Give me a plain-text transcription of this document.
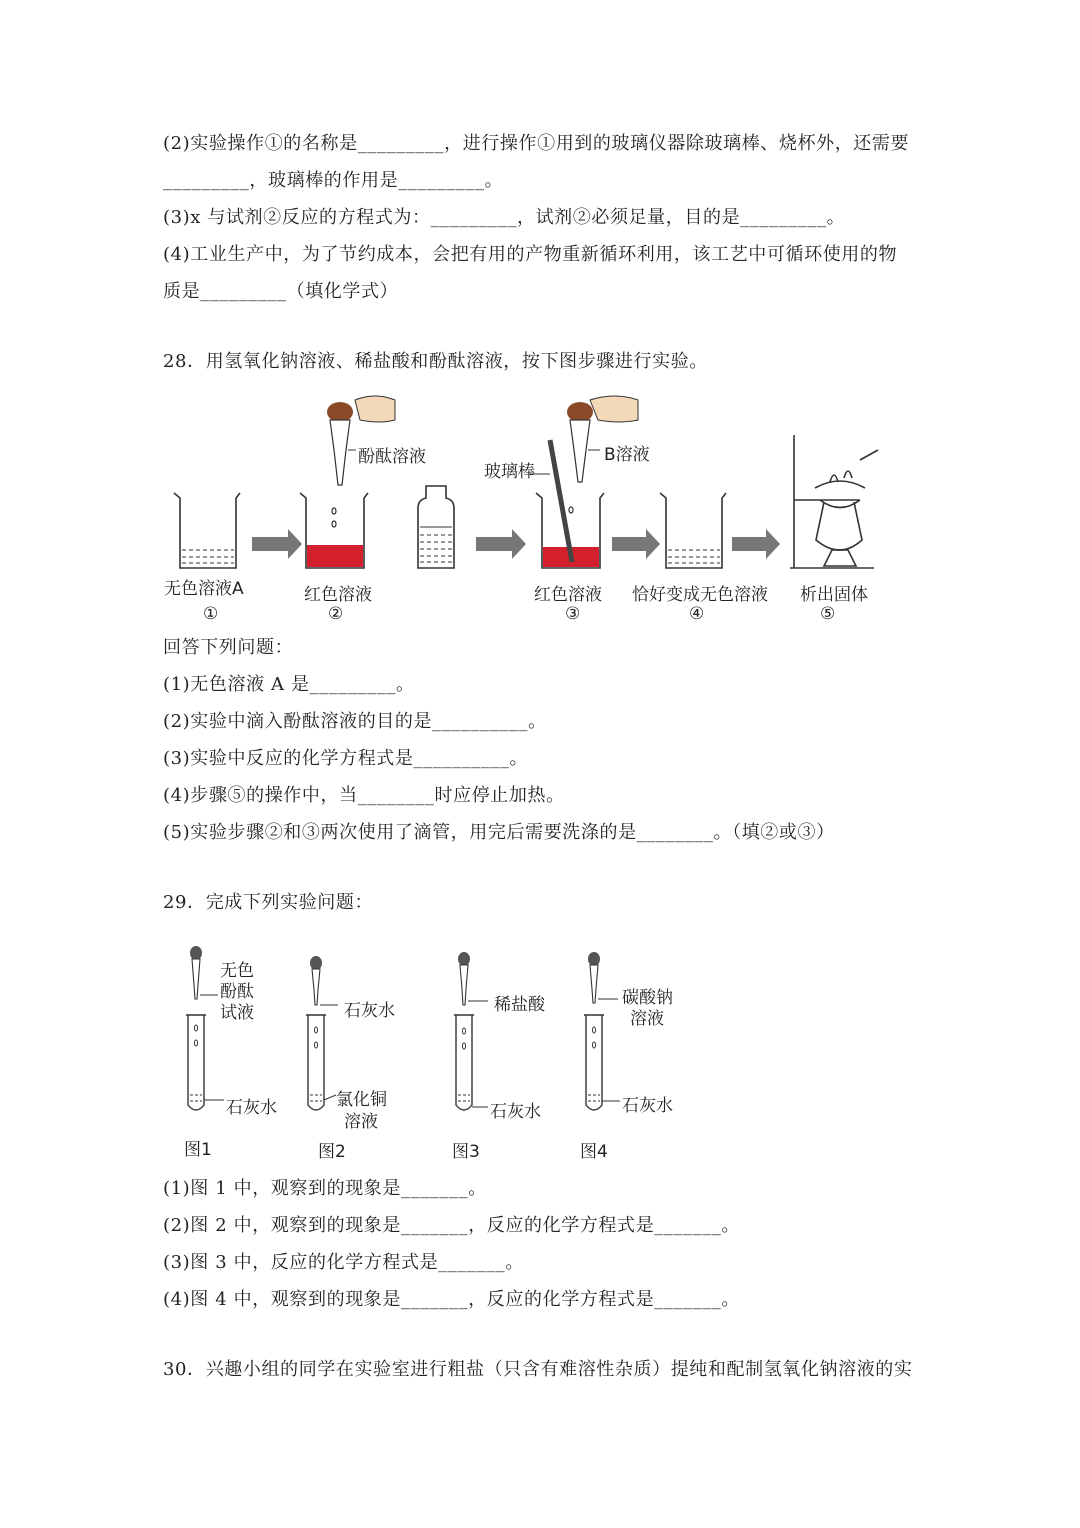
(2)实验操作①的名称是_________，进行操作①用到的玻璃仪器除玻璃棒、烧杯外，还需要
_________，玻璃棒的作用是_________。
(3)x 与试剂②反应的方程式为：_________，试剂②必须足量，目的是_________。
(4)工业生产中，为了节约成本，会把有用的产物重新循环利用，该工艺中可循环使用的物
质是_________（填化学式）
28．用氢氧化钠溶液、稀盐酸和酚酞溶液，按下图步骤进行实验。
酚酞溶液	B溶液
玻璃棒
无色溶液A	红色溶液	红色溶液 恰好变成无色溶液 析出固体
①	②	③	④	⑤
回答下列问题：
(1)无色溶液 A 是_________。
(2)实验中滴入酚酞溶液的目的是__________。
(3)实验中反应的化学方程式是__________。
(4)步骤⑤的操作中，当________时应停止加热。
(5)实验步骤②和③两次使用了滴管，用完后需要洗涤的是________。（填②或③）
29．完成下列实验问题：
无色
酚酞
试液
石灰水
石灰水
氯化铜
溶液
稀盐酸
石灰水
碳酸钠
溶液
石灰水
图1	图2	图3	图4
(1)图 1 中，观察到的现象是_______。
(2)图 2 中，观察到的现象是_______，反应的化学方程式是_______。
(3)图 3 中，反应的化学方程式是_______。
(4)图 4 中，观察到的现象是_______，反应的化学方程式是_______。
30．兴趣小组的同学在实验室进行粗盐（只含有难溶性杂质）提纯和配制氢氧化钠溶液的实
